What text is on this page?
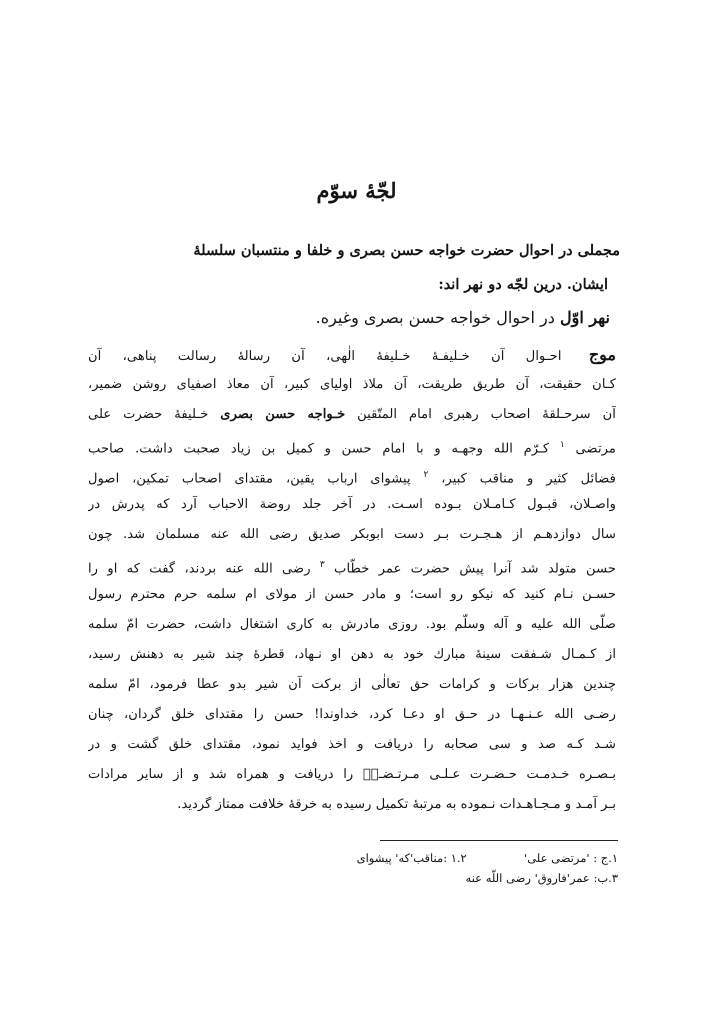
لجّهٔ سوّم
مجملی در احوال حضرت خواجه حسن بصری و خلفا و منتسبان سلسلهٔ
ایشان. درین لجّه دو نهر اند:
نهر اوّل در احوال خواجه حسن بصری وغیره.
موج احـوال آن خـلیفـهٔ خـلیفهٔ الٰهی، آن رسالهٔ رسالت پناهی، آن
کـان حقیقت، آن طریق طریقت، آن ملاذ اولیای کبیر، آن معاذ اصفیای روشن ضمیر،
آن سرحـلقهٔ اصحاب رهبری امام المتّقین خـواجه حسن بصری خـلیفهٔ حضرت علی
مرتضی $^۱$ کـرّم الله وجهـه و با امام حسن و کمیل بن زیاد صحبت داشت. صاحب
فضائل کثیر و مناقب کبیر، $^۲$ پیشوای ارباب یقین، مقتدای اصحاب تمکین، اصول
واصـلان، قبـول کـامـلان بـوده اسـت. در آخر جلد روضة الاحباب آرد که پدرش در
سال دوازدهـم از هـجـرت بـر دست ابوبکر صدیق رضی الله عنه مسلمان شد. چون
حسن متولد شد آنرا پیش حضرت عمر خطّاب $^۳$ رضی الله عنه بردند، گفت که او را
حسـن نـام کنید که نیکو رو است؛ و مادر حسن از مولای ام سلمه حرم محترم رسول
صلّی الله علیه و آله وسلّم بود. روزی مادرش به کاری اشتغال داشت، حضرت امّ سلمه
از کـمـال شـفقت سینهٔ مبارك خود به دهن او نـهاد، قطرهٔ چند شیر به دهنش رسید،
چندین هزار برکات و کرامات حق تعالٰی از برکت آن شیر بدو عطا فرمود، امّ سلمه
رضـی الله عـنـهـا در حـق او دعـا کرد، خداوندا! حسن را مقتدای خلق گردان، چنان
شـد کـه صد و سی صحابه را دریافت و اخذ فواید نمود، مقتدای خلق گشت و در
بـصـره خـدمـت حـضـرت عـلـی مـرتـضـیؑ را دریافت و همراه شد و از سایر مرادات
بـر آمـد و مـجـاهـدات نـموده به مرتبهٔ تکمیل رسیده به خرقهٔ خلافت ممتاز گردید.
۱.ج : 'مرتضی علی'  ۱.۲ :مناقب'که' پیشوای
۳.ب: عمر'فاروق' رضی اللّه عنه
